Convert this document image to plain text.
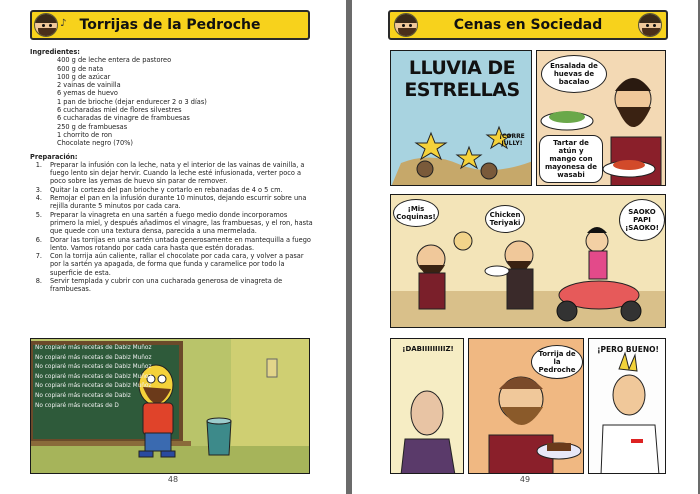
♪ Torrijas de la Pedroche
Ingredientes:
400 g de leche entera de pastoreo
600 g de nata
100 g de azúcar
2 vainas de vainilla
6 yemas de huevo
1 pan de brioche (dejar endurecer 2 o 3 días)
6 cucharadas miel de flores silvestres
6 cucharadas de vinagre de frambuesas
250 g de frambuesas
1 chorrito de ron
Chocolate negro (70%)
Preparación:
1.	Preparar la infusión con la leche, nata y el interior de las vainas de vainilla, a fuego lento sin dejar hervir. Cuando la leche esté infusionada, verter poco a poco sobre las yemas de huevo sin parar de remover.
3.	Quitar la corteza del pan brioche y cortarlo en rebanadas de 4 o 5 cm.
4.	Remojar el pan en la infusión durante 10 minutos, dejando escurrir sobre una rejilla durante 5 minutos por cada cara.
5.	Preparar la vinagreta en una sartén a fuego medio donde incorporamos primero la miel, y después añadimos el vinagre, las frambuesas, y el ron, hasta que quede con una textura densa, parecida a una mermelada.
6.	Dorar las torrijas en una sartén untada generosamente en mantequilla a fuego lento. Vamos rotando por cada cara hasta que estén doradas.
7.	Con la torrija aún caliente, rallar el chocolate por cada cara, y volver a pasar por la sartén ya apagada, de forma que funda y caramelice por todo la superficie de esta.
8.	Servir templada y cubrir con una cucharada generosa de vinagreta de frambuesas.
No copiaré más recetas de Dabiz Muñoz
No copiaré más recetas de Dabiz Muñoz
No copiaré más recetas de Dabiz Muñoz
No copiaré más recetas de Dabiz Muñoz
No copiaré más recetas de Dabiz Muñoz
No copiaré más recetas de Dabiz
No copiaré más recetas de D
48
Cenas en Sociedad
LLUVIA DE ESTRELLAS
¡CORRE JULLY!
Ensalada de huevas de bacalao
Tartar de atún y mango con mayonesa de wasabi
¡Mis Coquinas!	Chicken Teriyaki
SAOKO PAPI ¡SAOKO!
¡DABIIIIIIIIIZ!
Torrija de la Pedroche
¡PERO BUENO!
49
